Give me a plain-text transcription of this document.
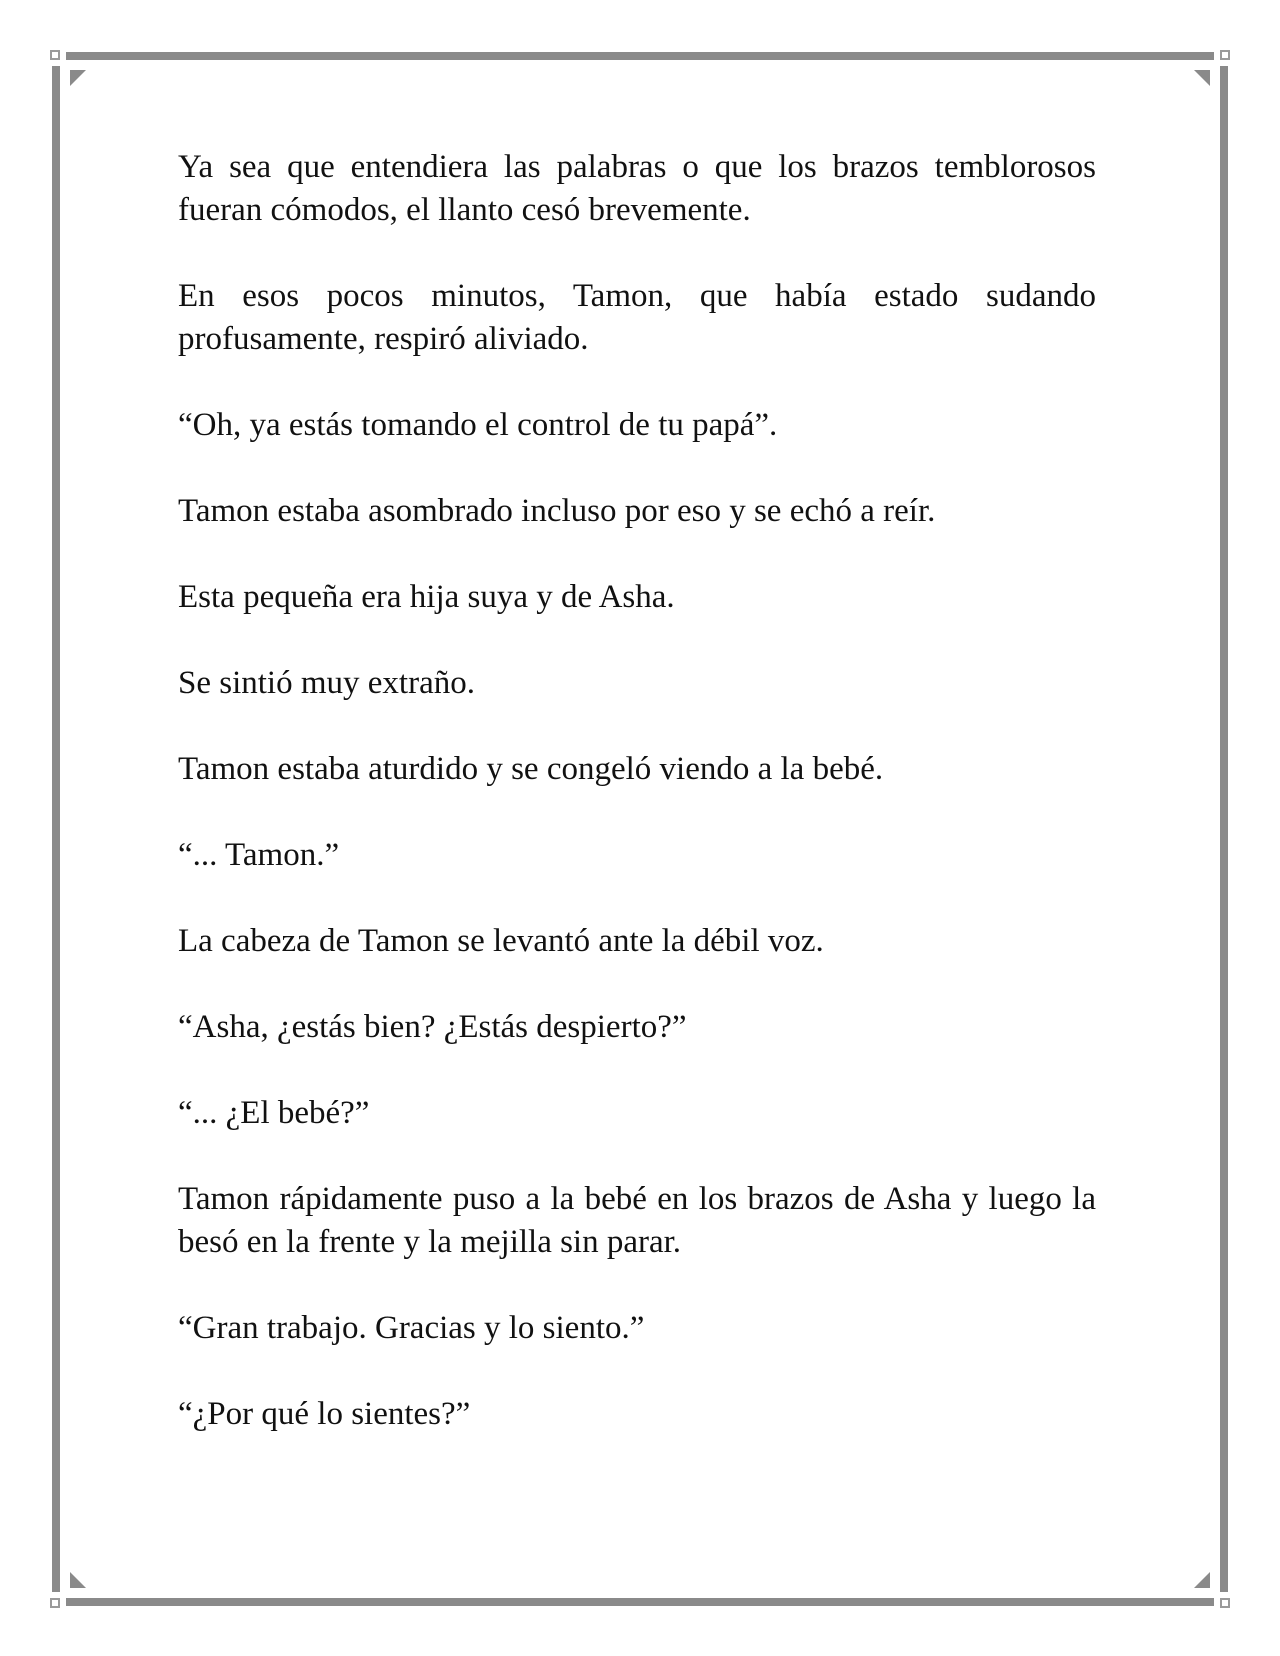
Ya sea que entendiera las palabras o que los brazos temblorosos fueran cómodos, el llanto cesó brevemente.

En esos pocos minutos, Tamon, que había estado sudando profusamente, respiró aliviado.

“Oh, ya estás tomando el control de tu papá”.

Tamon estaba asombrado incluso por eso y se echó a reír.

Esta pequeña era hija suya y de Asha.

Se sintió muy extraño.

Tamon estaba aturdido y se congeló viendo a la bebé.

“... Tamon.”

La cabeza de Tamon se levantó ante la débil voz.

“Asha, ¿estás bien? ¿Estás despierto?”

“... ¿El bebé?”

Tamon rápidamente puso a la bebé en los brazos de Asha y luego la besó en la frente y la mejilla sin parar.

“Gran trabajo. Gracias y lo siento.”

“¿Por qué lo sientes?”
